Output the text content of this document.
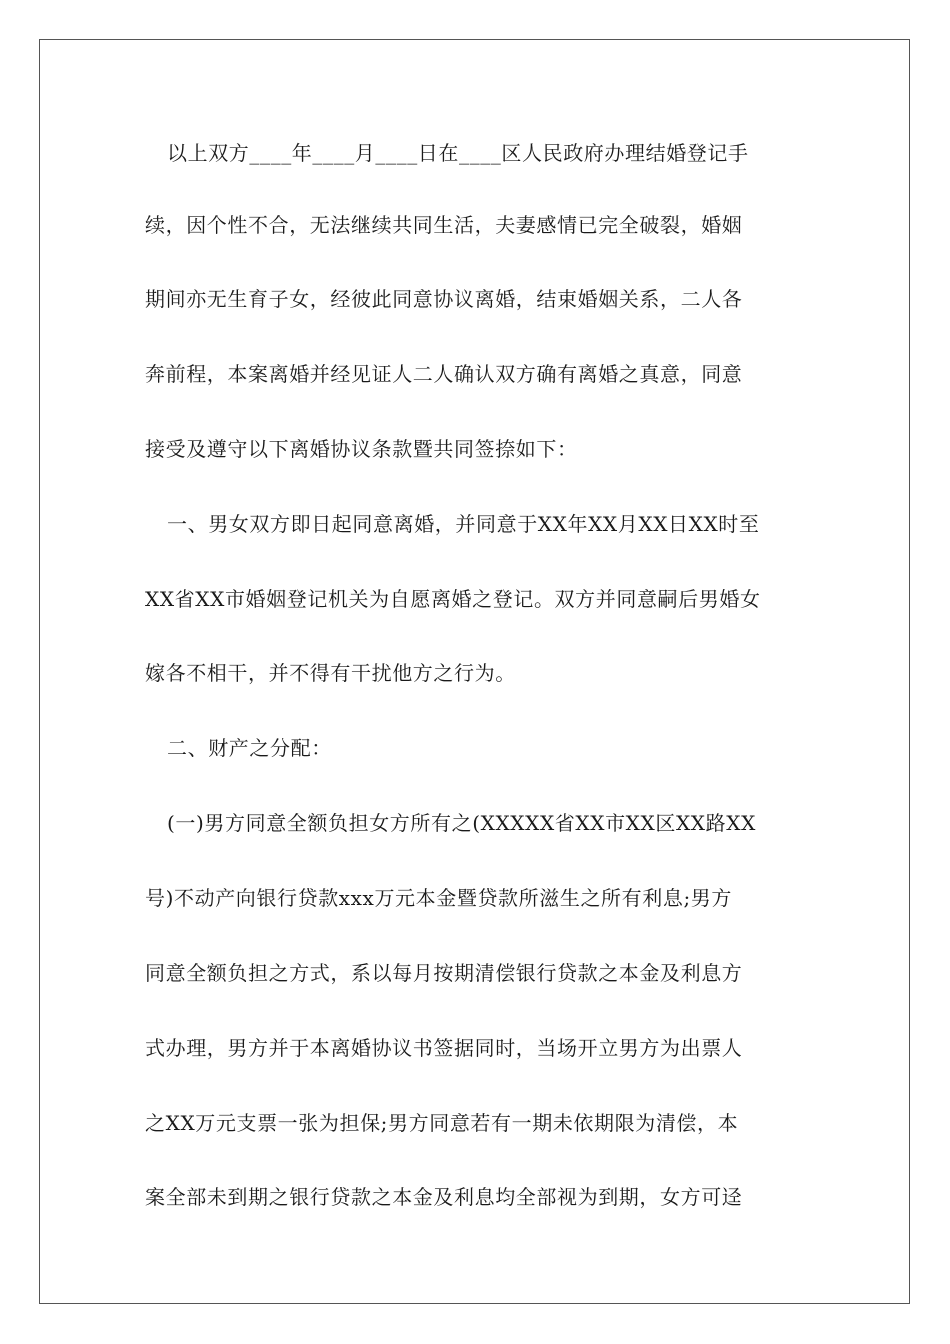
以上双方____年____月____日在____区人民政府办理结婚登记手
续，因个性不合，无法继续共同生活，夫妻感情已完全破裂，婚姻
期间亦无生育子女，经彼此同意协议离婚，结束婚姻关系，二人各
奔前程，本案离婚并经见证人二人确认双方确有离婚之真意，同意
接受及遵守以下离婚协议条款暨共同签捺如下：
一、男女双方即日起同意离婚，并同意于XX年XX月XX日XX时至
XX省XX市婚姻登记机关为自愿离婚之登记。双方并同意嗣后男婚女
嫁各不相干，并不得有干扰他方之行为。
二、财产之分配：
(一)男方同意全额负担女方所有之(XXXXX省XX市XX区XX路XX
号)不动产向银行贷款xxx万元本金暨贷款所滋生之所有利息;男方
同意全额负担之方式，系以每月按期清偿银行贷款之本金及利息方
式办理，男方并于本离婚协议书签据同时，当场开立男方为出票人
之XX万元支票一张为担保;男方同意若有一期未依期限为清偿，本
案全部未到期之银行贷款之本金及利息均全部视为到期，女方可迳
